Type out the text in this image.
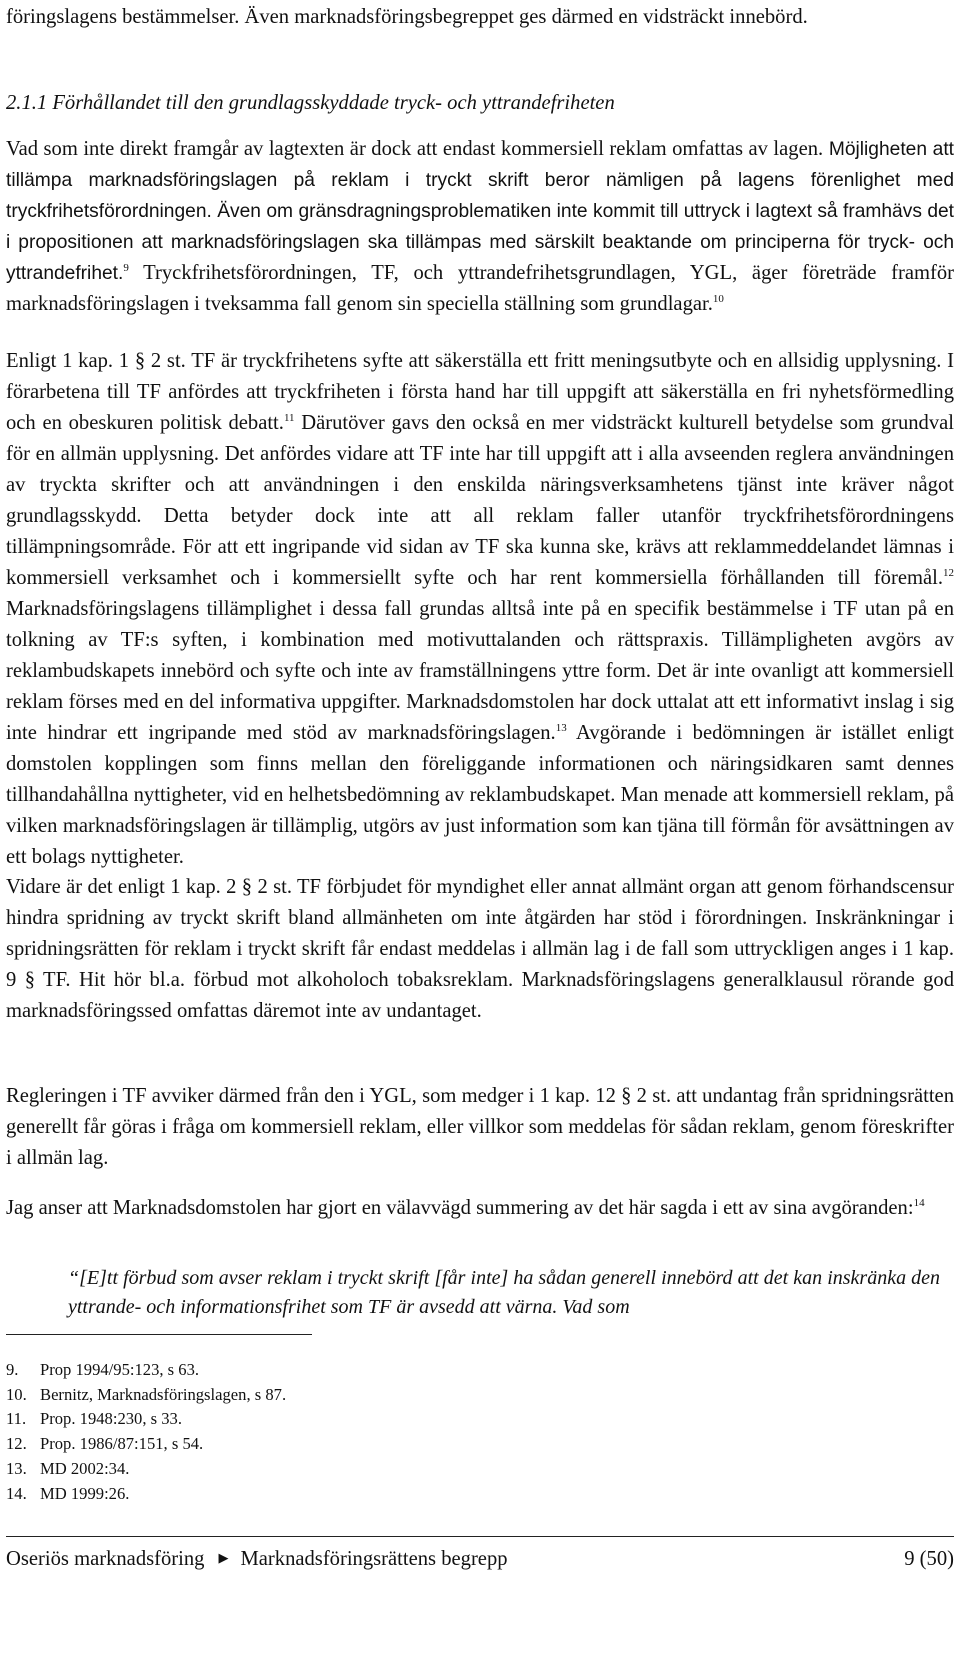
föringslagens bestämmelser. Även marknadsföringsbegreppet ges därmed en vidsträckt innebörd.

2.1.1 Förhållandet till den grundlagsskyddade tryck- och yttrandefriheten

Vad som inte direkt framgår av lagtexten är dock att endast kommersiell reklam omfattas av lagen. Möjligheten att tillämpa marknadsföringslagen på reklam i tryckt skrift beror nämligen på lagens förenlighet med tryckfrihetsförordningen. Även om gränsdragningsproblematiken inte kommit till uttryck i lagtext så framhävs det i propositionen att marknadsföringslagen ska tillämpas med särskilt beaktande om principerna för tryck- och yttrandefrihet.$^9$ Tryckfrihetsförordningen, TF, och yttrandefrihetsgrundlagen, YGL, äger företräde framför marknadsföringslagen i tveksamma fall genom sin speciella ställning som grundlagar.$^{10}$

Enligt 1 kap. 1 § 2 st. TF är tryckfrihetens syfte att säkerställa ett fritt meningsutbyte och en allsidig upplysning. I förarbetena till TF anfördes att tryckfriheten i första hand har till uppgift att säkerställa en fri nyhetsförmedling och en obeskuren politisk debatt.$^{11}$ Därutöver gavs den också en mer vidsträckt kulturell betydelse som grundval för en allmän upplysning. Det anfördes vidare att TF inte har till uppgift att i alla avseenden reglera användningen av tryckta skrifter och att användningen i den enskilda näringsverksamhetens tjänst inte kräver något grundlagsskydd. Detta betyder dock inte att all reklam faller utanför tryckfrihetsförordningens tillämpningsområde. För att ett ingripande vid sidan av TF ska kunna ske, krävs att reklammeddelandet lämnas i kommersiell verksamhet och i kommersiellt syfte och har rent kommersiella förhållanden till föremål.$^{12}$ Marknadsföringslagens tillämplighet i dessa fall grundas alltså inte på en specifik bestämmelse i TF utan på en tolkning av TF:s syften, i kombination med motivuttalanden och rättspraxis. Tillämpligheten avgörs av reklambudskapets innebörd och syfte och inte av framställningens yttre form. Det är inte ovanligt att kommersiell reklam förses med en del informativa uppgifter. Marknadsdomstolen har dock uttalat att ett informativt inslag i sig inte hindrar ett ingripande med stöd av marknadsföringslagen.$^{13}$ Avgörande i bedömningen är istället enligt domstolen kopplingen som finns mellan den föreliggande informationen och näringsidkaren samt dennes tillhandahållna nyttigheter, vid en helhetsbedömning av reklambudskapet. Man menade att kommersiell reklam, på vilken marknadsföringslagen är tillämplig, utgörs av just information som kan tjäna till förmån för avsättningen av ett bolags nyttigheter.

Vidare är det enligt 1 kap. 2 § 2 st. TF förbjudet för myndighet eller annat allmänt organ att genom förhandscensur hindra spridning av tryckt skrift bland allmänheten om inte åtgärden har stöd i förordningen. Inskränkningar i spridningsrätten för reklam i tryckt skrift får endast meddelas i allmän lag i de fall som uttryckligen anges i 1 kap. 9 § TF. Hit hör bl.a. förbud mot alkoholoch tobaksreklam. Marknadsföringslagens generalklausul rörande god marknadsföringssed omfattas däremot inte av undantaget.

Regleringen i TF avviker därmed från den i YGL, som medger i 1 kap. 12 § 2 st. att undantag från spridningsrätten generellt får göras i fråga om kommersiell reklam, eller villkor som meddelas för sådan reklam, genom föreskrifter i allmän lag.

Jag anser att Marknadsdomstolen har gjort en välavvägd summering av det här sagda i ett av sina avgöranden:$^{14}$

“[E]tt förbud som avser reklam i tryckt skrift [får inte] ha sådan generell innebörd att det kan inskränka den yttrande- och informationsfrihet som TF är avsedd att värna. Vad som

9.	Prop 1994/95:123, s 63.
10. Bernitz, Marknadsföringslagen, s 87.
11. Prop. 1948:230, s 33.
12. Prop. 1986/87:151, s 54.
13. MD 2002:34.
14. MD 1999:26.
Oseriös marknadsföring ▶ Marknadsföringsrättens begrepp	9 (50)
